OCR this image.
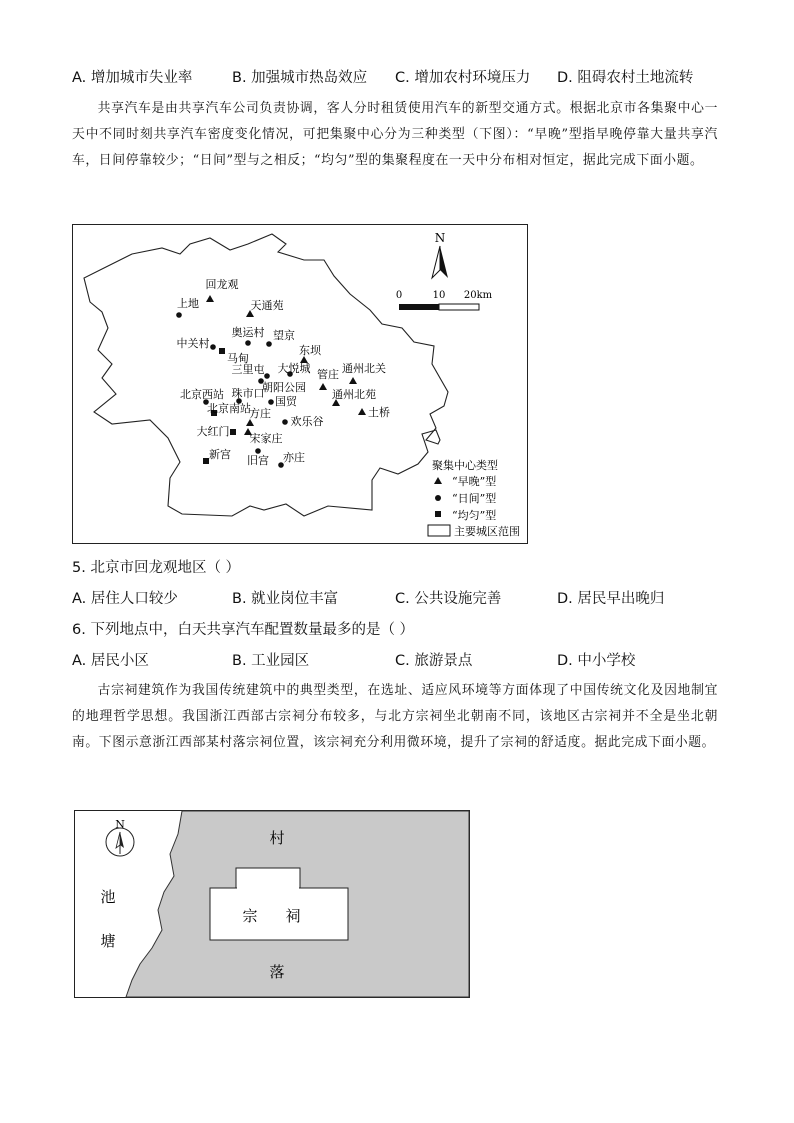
A. 增加城市失业率	B. 加强城市热岛效应 C. 增加农村环境压力 D. 阻碍农村土地流转
共享汽车是由共享汽车公司负责协调，客人分时租赁使用汽车的新型交通方式。根据北京市各集聚中心一天中不同时刻共享汽车密度变化情况，可把集聚中心分为三种类型（下图）：“早晚”型指早晚停靠大量共享汽车，日间停靠较少；“日间”型与之相反；“均匀”型的集聚程度在一天中分布相对恒定，据此完成下面小题。
N
0	10 20km
聚集中心类型
“早晚”型
“日间”型
“均匀”型
主要城区范围
回龙观
上地	天通苑
奥运村 望京
中关村
马甸
东坝
三里屯 大悦城 管庄 通州北关
朝阳公园
通州北苑
北京西站 珠市口
北京南站
国贸
土桥
方庄
欢乐谷
大红门
宋家庄
新宫 旧宫 亦庄
5. 北京市回龙观地区（ ）
A. 居住人口较少	B. 就业岗位丰富	C. 公共设施完善	D. 居民早出晚归
6. 下列地点中，白天共享汽车配置数量最多的是（ ）
A. 居民小区	B. 工业园区	C. 旅游景点	D. 中小学校
古宗祠建筑作为我国传统建筑中的典型类型，在选址、适应风环境等方面体现了中国传统文化及因地制宜的地理哲学思想。我国浙江西部古宗祠分布较多，与北方宗祠坐北朝南不同，该地区古宗祠并不全是坐北朝南。下图示意浙江西部某村落宗祠位置，该宗祠充分利用微环境，提升了宗祠的舒适度。据此完成下面小题。
N
村
落
池
塘
宗 祠
